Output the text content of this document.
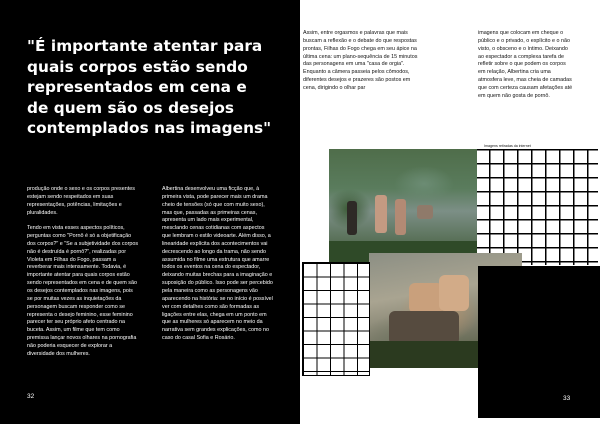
"É importante atentar para quais corpos estão sendo representados em cena e de quem são os desejos contemplados nas imagens"

produção onde o sexo e os corpos presentes estejam sendo respeitados em suas representações, potências, limitações e pluralidades.

Tendo em vista esses aspectos políticos, perguntas como "Pornô é só a objetificação dos corpos?" e "Se a subjetividade dos corpos não é destruída é pornô?", realizadas por Violeta em Filhas do Fogo, passam a reverberar mais intensamente. Todavia, é importante atentar para quais corpos estão sendo representados em cena e de quem são os desejos contemplados nas imagens, pois se por muitas vezes as inquietações da personagem buscam responder como se representa o desejo feminino, esse feminino parecer ter seu próprio afeto centrado na buceta. Assim, um filme que tem como premissa lançar novos olhares na pornografia não poderia esquecer de explorar a diversidade dos mulheres.

Albertina desenvolveu uma ficção que, à primeira vista, pode parecer mais um drama cheio de tensões (só que com muito sexo), mas que, passadas as primeiras cenas, apresenta um lado mais experimental, mesclando cenas cotidianas com aspectos que lembram o estilo videoarte. Além disso, a linearidade explícita dos acontecimentos vai decrescendo ao longo da trama, não sendo assumida no filme uma estrutura que amarre todos os eventos na cena do espectador, deixando muitas brechas para a imaginação e suposição do público. Isso pode ser percebido pela maneira como as personagens vão aparecendo na história: se no início é possível ver com detalhes como são formadas as ligações entre elas, chega em um ponto em que as mulheres só aparecem no meio da narrativa sem grandes explicações, como no caso do casal Sofia e Rosário.

32

Assim, entre orgasmos e palavras que mais buscam a reflexão e o debate do que respostas prontas, Filhas do Fogo chega em seu ápice na última cena: um plano-sequência de 15 minutos das personagens em uma "casa de orgia". Enquanto a câmera passeia pelos cômodos, diferentes desejos e prazeres são postos em cena, dirigindo o olhar par

imagens que colocam em cheque o público e o privado, o explícito e o não visto, o obsceno e o íntimo. Deixando ao espectador a complexa tarefa de refletir sobre o que podem os corpos em relação, Albertina cria uma atmosfera leve, mas cheia de camadas que com certeza causam afetações até em quem não gosta de pornô.

Imagens retiradas da internet
33
